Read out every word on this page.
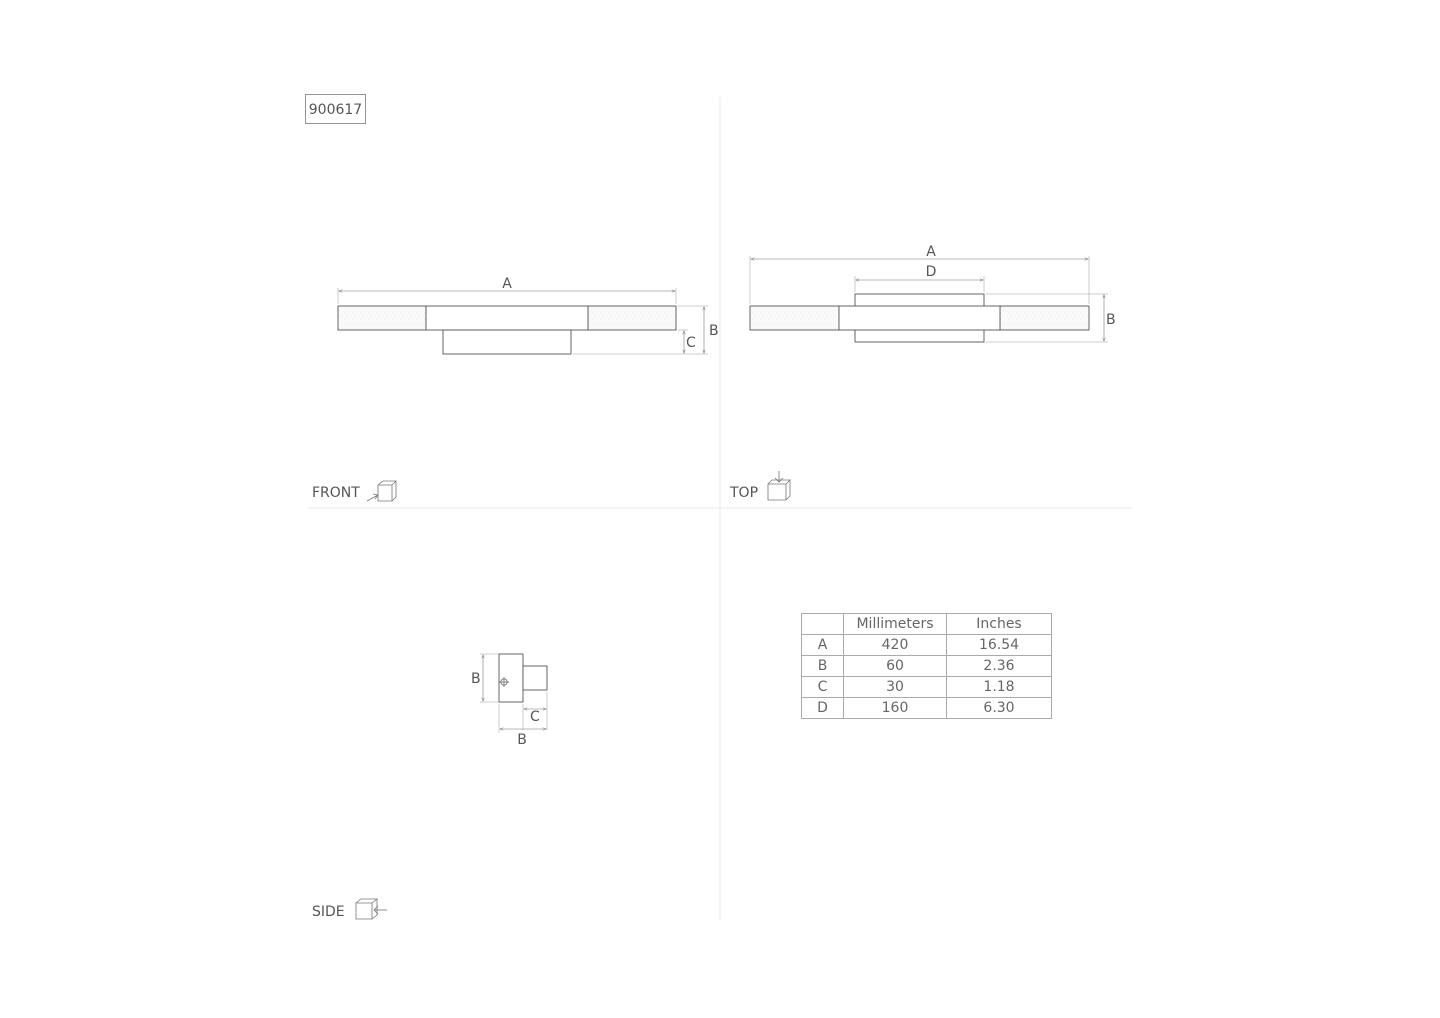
900617
A
B
C
A
D
B
B
C
B
FRONT	TOP
SIDE
	Millimeters	Inches
A	420	16.54
B	60	2.36
C	30	1.18
D	160	6.30
